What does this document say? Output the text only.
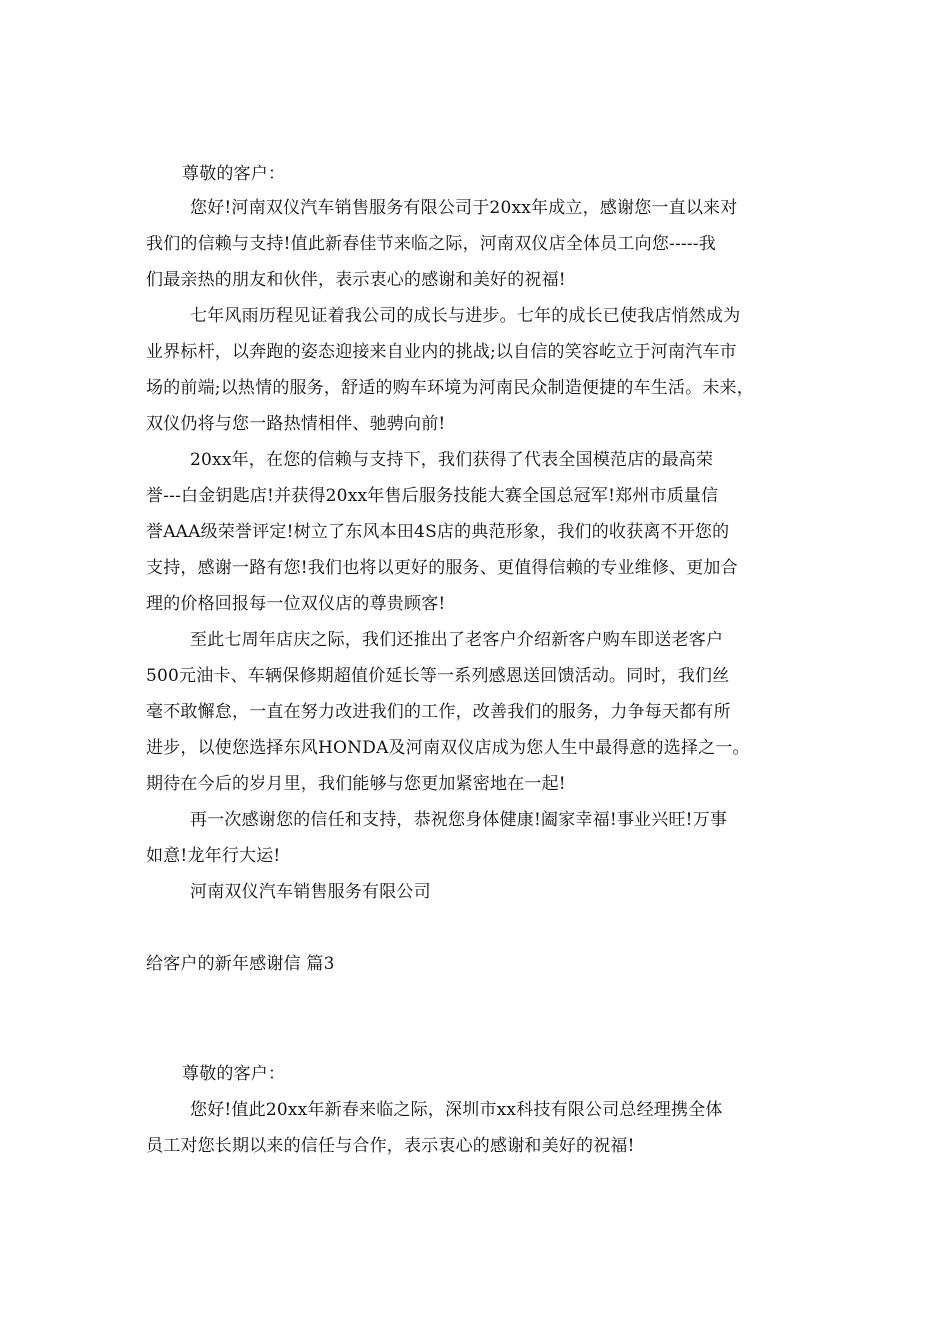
尊敬的客户：
您好!河南双仪汽车销售服务有限公司于20xx年成立，感谢您一直以来对
我们的信赖与支持!值此新春佳节来临之际，河南双仪店全体员工向您-----我
们最亲热的朋友和伙伴，表示衷心的感谢和美好的祝福!
七年风雨历程见证着我公司的成长与进步。七年的成长已使我店悄然成为
业界标杆，以奔跑的姿态迎接来自业内的挑战;以自信的笑容屹立于河南汽车市
场的前端;以热情的服务，舒适的购车环境为河南民众制造便捷的车生活。未来，
双仪仍将与您一路热情相伴、驰骋向前!
20xx年，在您的信赖与支持下，我们获得了代表全国模范店的最高荣
誉---白金钥匙店!并获得20xx年售后服务技能大赛全国总冠军!郑州市质量信
誉AAA级荣誉评定!树立了东风本田4S店的典范形象，我们的收获离不开您的
支持，感谢一路有您!我们也将以更好的服务、更值得信赖的专业维修、更加合
理的价格回报每一位双仪店的尊贵顾客!
至此七周年店庆之际，我们还推出了老客户介绍新客户购车即送老客户
500元油卡、车辆保修期超值价延长等一系列感恩送回馈活动。同时，我们丝
毫不敢懈怠，一直在努力改进我们的工作，改善我们的服务，力争每天都有所
进步，以使您选择东风HONDA及河南双仪店成为您人生中最得意的选择之一。
期待在今后的岁月里，我们能够与您更加紧密地在一起!
再一次感谢您的信任和支持，恭祝您身体健康!阖家幸福!事业兴旺!万事
如意!龙年行大运!
河南双仪汽车销售服务有限公司
给客户的新年感谢信 篇3
尊敬的客户：
您好!值此20xx年新春来临之际，深圳市xx科技有限公司总经理携全体
员工对您长期以来的信任与合作，表示衷心的感谢和美好的祝福!
